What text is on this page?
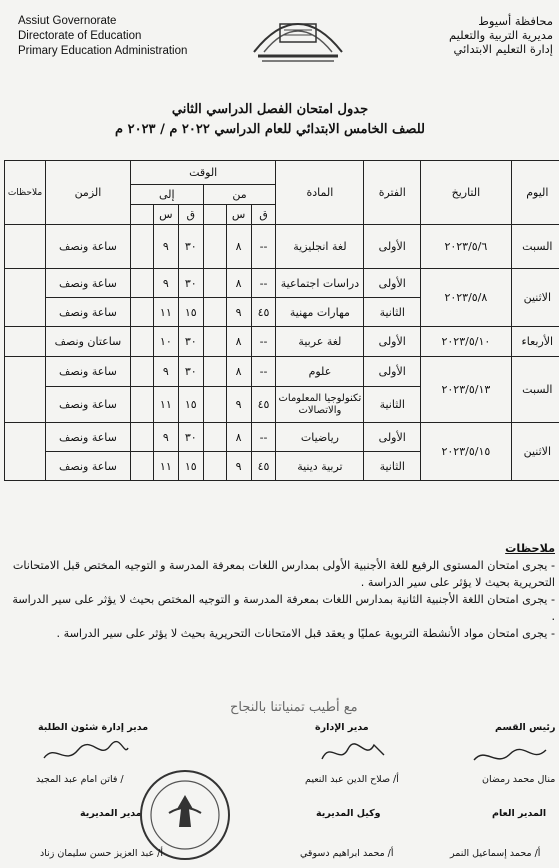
Assiut Governorate
Directorate of Education
Primary Education Administration
محافظة أسيوط
مديرية التربية والتعليم
إدارة التعليم الابتدائي
جدول امتحان الفصل الدراسي الثاني
للصف الخامس الابتدائي للعام الدراسي ٢٠٢٢ م / ٢٠٢٣ م
اليوم	التاريخ	الفترة	المادة	الوقت						الزمن	ملاحظات
				من			إلى				
				ق	س		ق	س			
السبت	٢٠٢٣/٥/٦	الأولى	لغة انجليزية	--	٨		٣٠	٩		ساعة ونصف	
الاثنين	٢٠٢٣/٥/٨	الأولى	دراسات اجتماعية	--	٨		٣٠	٩		ساعة ونصف	
		الثانية	مهارات مهنية	٤٥	٩		١٥	١١		ساعة ونصف	
الأربعاء	٢٠٢٣/٥/١٠	الأولى	لغة عربية	--	٨		٣٠	١٠		ساعتان ونصف	
السبت	٢٠٢٣/٥/١٣	الأولى	علوم	--	٨		٣٠	٩		ساعة ونصف	
		الثانية	تكنولوجيا المعلومات والاتصالات	٤٥	٩		١٥	١١		ساعة ونصف	
الاثنين	٢٠٢٣/٥/١٥	الأولى	رياضيات	--	٨		٣٠	٩		ساعة ونصف	
		الثانية	تربية دينية	٤٥	٩		١٥	١١		ساعة ونصف	
ملاحظات

- يجرى امتحان المستوى الرفيع للغة الأجنبية الأولى بمدارس اللغات بمعرفة المدرسة و التوجيه المختص قبل الامتحانات التحريرية بحيث لا يؤثر على سير الدراسة .

- يجرى امتحان اللغة الأجنبية الثانية بمدارس اللغات بمعرفة المدرسة و التوجيه المختص بحيث لا يؤثر على سير الدراسة .

- يجرى امتحان مواد الأنشطة التربوية عمليًا و يعقد قبل الامتحانات التحريرية بحيث لا يؤثر على سير الدراسة .

مع أطيب تمنياتنا بالنجاح
مدير إدارة شئون الطلبة	مدير الإدارة	رئيس القسم
/ فاتن امام عبد المجيد	أ/ صلاح الدين عبد النعيم	منال محمد رمضان
مدير المديرية	وكيل المديرية	المدير العام
أ/ عبد العزيز حسن سليمان زناد	أ/ محمد ابراهيم دسوقي	أ/ محمد إسماعيل النمر
